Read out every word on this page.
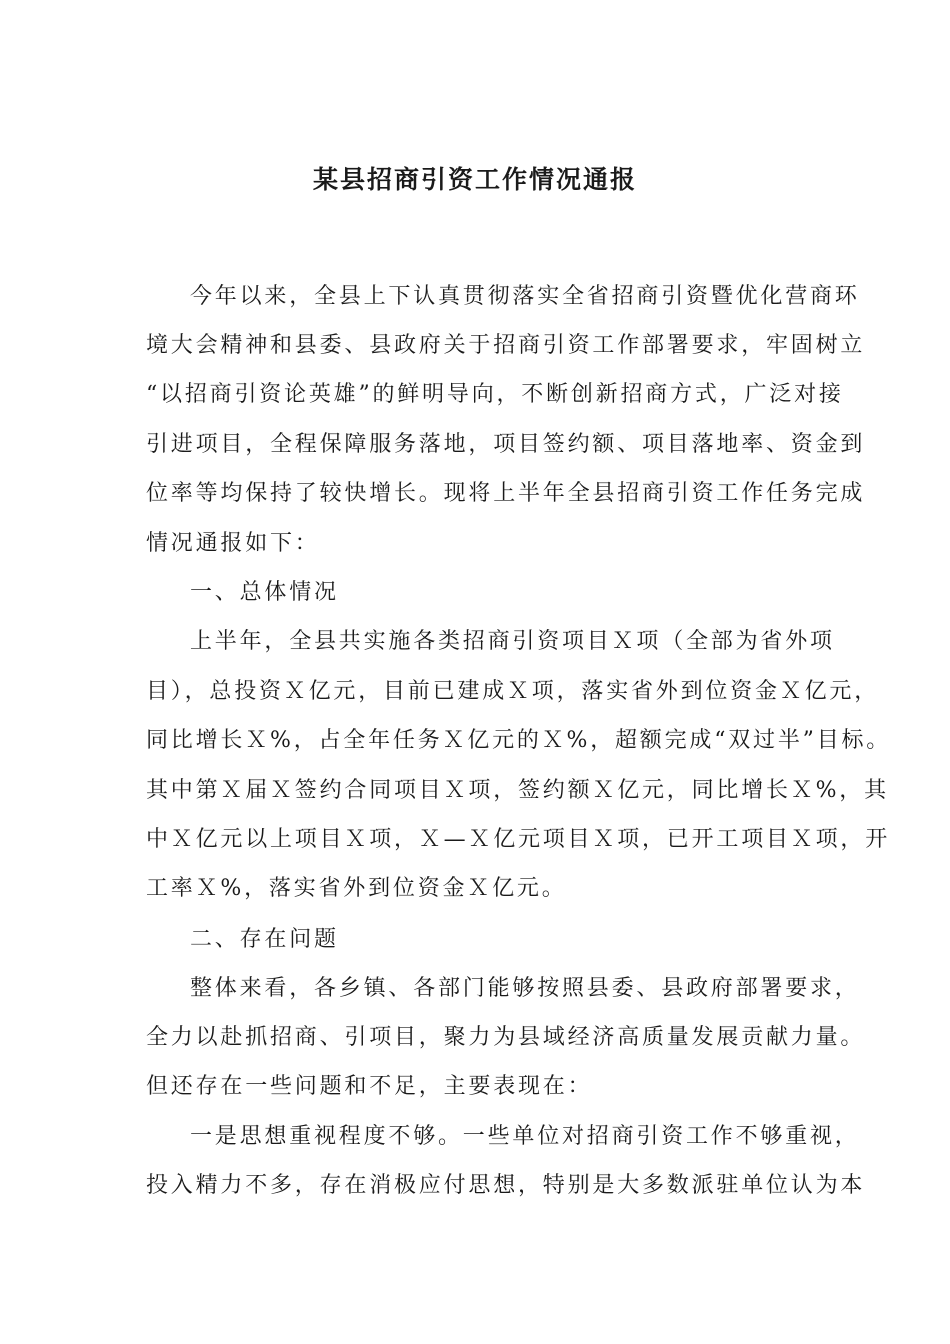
某县招商引资工作情况通报

今年以来，全县上下认真贯彻落实全省招商引资暨优化营商环

境大会精神和县委、县政府关于招商引资工作部署要求，牢固树立

“以招商引资论英雄”的鲜明导向，不断创新招商方式，广泛对接

引进项目，全程保障服务落地，项目签约额、项目落地率、资金到

位率等均保持了较快增长。现将上半年全县招商引资工作任务完成

情况通报如下：

一、总体情况

上半年，全县共实施各类招商引资项目Ｘ项（全部为省外项

目），总投资Ｘ亿元，目前已建成Ｘ项，落实省外到位资金Ｘ亿元，

同比增长Ｘ%，占全年任务Ｘ亿元的Ｘ%，超额完成“双过半”目标。

其中第Ｘ届Ｘ签约合同项目Ｘ项，签约额Ｘ亿元，同比增长Ｘ%，其

中Ｘ亿元以上项目Ｘ项，Ｘ—Ｘ亿元项目Ｘ项，已开工项目Ｘ项，开

工率Ｘ%，落实省外到位资金Ｘ亿元。

二、存在问题

整体来看，各乡镇、各部门能够按照县委、县政府部署要求，

全力以赴抓招商、引项目，聚力为县域经济高质量发展贡献力量。

但还存在一些问题和不足，主要表现在：

一是思想重视程度不够。一些单位对招商引资工作不够重视，

投入精力不多，存在消极应付思想，特别是大多数派驻单位认为本
